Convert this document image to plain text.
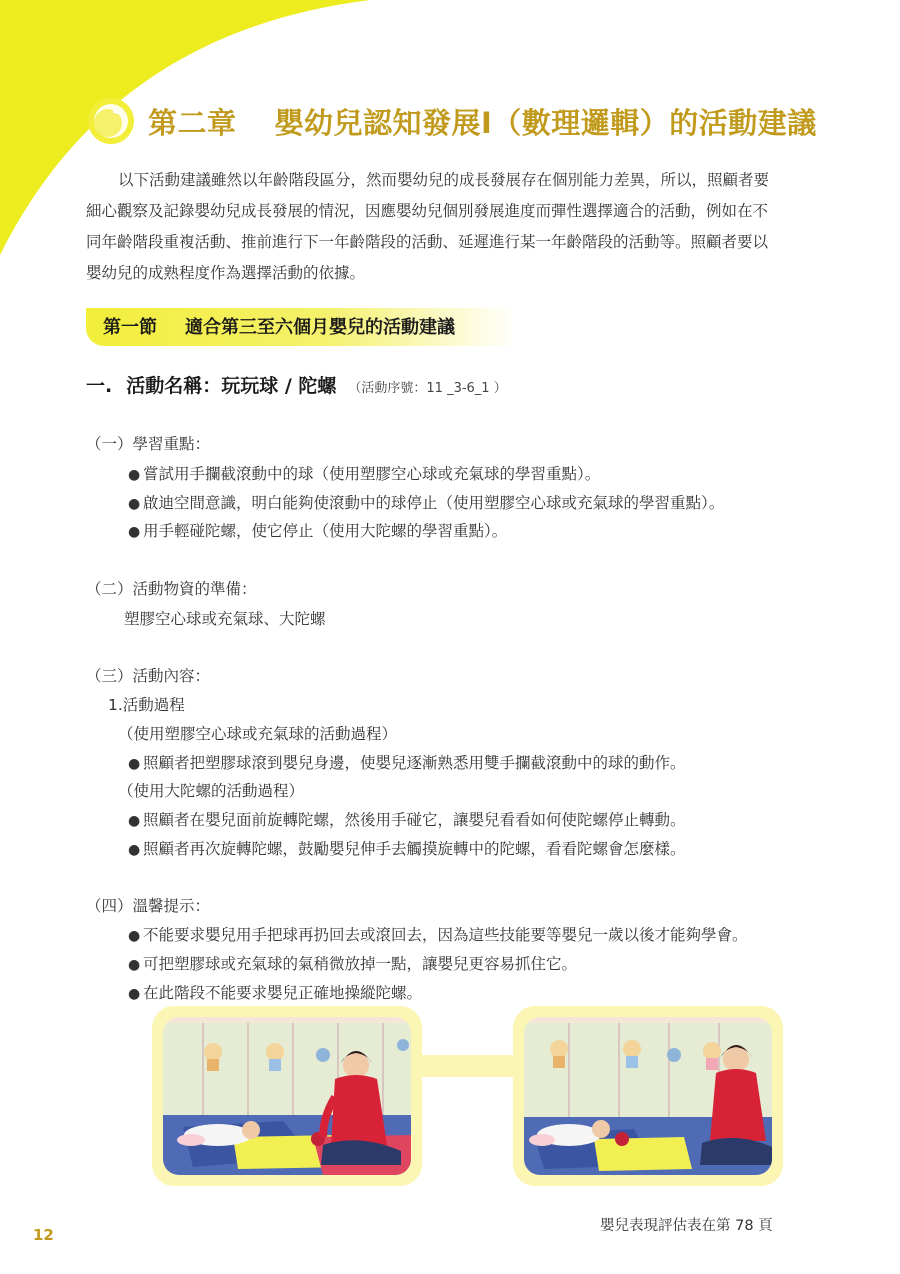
第二章 嬰幼兒認知發展I（數理邏輯）的活動建議
以下活動建議雖然以年齡階段區分，然而嬰幼兒的成長發展存在個別能力差異，所以，照顧者要
細心觀察及記錄嬰幼兒成長發展的情況，因應嬰幼兒個別發展進度而彈性選擇適合的活動，例如在不
同年齡階段重複活動、推前進行下一年齡階段的活動、延遲進行某一年齡階段的活動等。照顧者要以
嬰幼兒的成熟程度作為選擇活動的依據。
第一節 適合第三至六個月嬰兒的活動建議
一. 活動名稱：玩玩球 / 陀螺 （活動序號：11 _3-6_1 ）
（一）學習重點：
● 嘗試用手攔截滾動中的球（使用塑膠空心球或充氣球的學習重點）。
● 啟迪空間意識，明白能夠使滾動中的球停止（使用塑膠空心球或充氣球的學習重點）。
● 用手輕碰陀螺，使它停止（使用大陀螺的學習重點）。
（二）活動物資的準備：
塑膠空心球或充氣球、大陀螺
（三）活動內容：
1.活動過程
（使用塑膠空心球或充氣球的活動過程）
● 照顧者把塑膠球滾到嬰兒身邊，使嬰兒逐漸熟悉用雙手攔截滾動中的球的動作。
（使用大陀螺的活動過程）
● 照顧者在嬰兒面前旋轉陀螺，然後用手碰它，讓嬰兒看看如何使陀螺停止轉動。
● 照顧者再次旋轉陀螺，鼓勵嬰兒伸手去觸摸旋轉中的陀螺，看看陀螺會怎麼樣。
（四）溫馨提示：
● 不能要求嬰兒用手把球再扔回去或滾回去，因為這些技能要等嬰兒一歲以後才能夠學會。
● 可把塑膠球或充氣球的氣稍微放掉一點，讓嬰兒更容易抓住它。
● 在此階段不能要求嬰兒正確地操縱陀螺。
嬰兒表現評估表在第 78 頁
12
